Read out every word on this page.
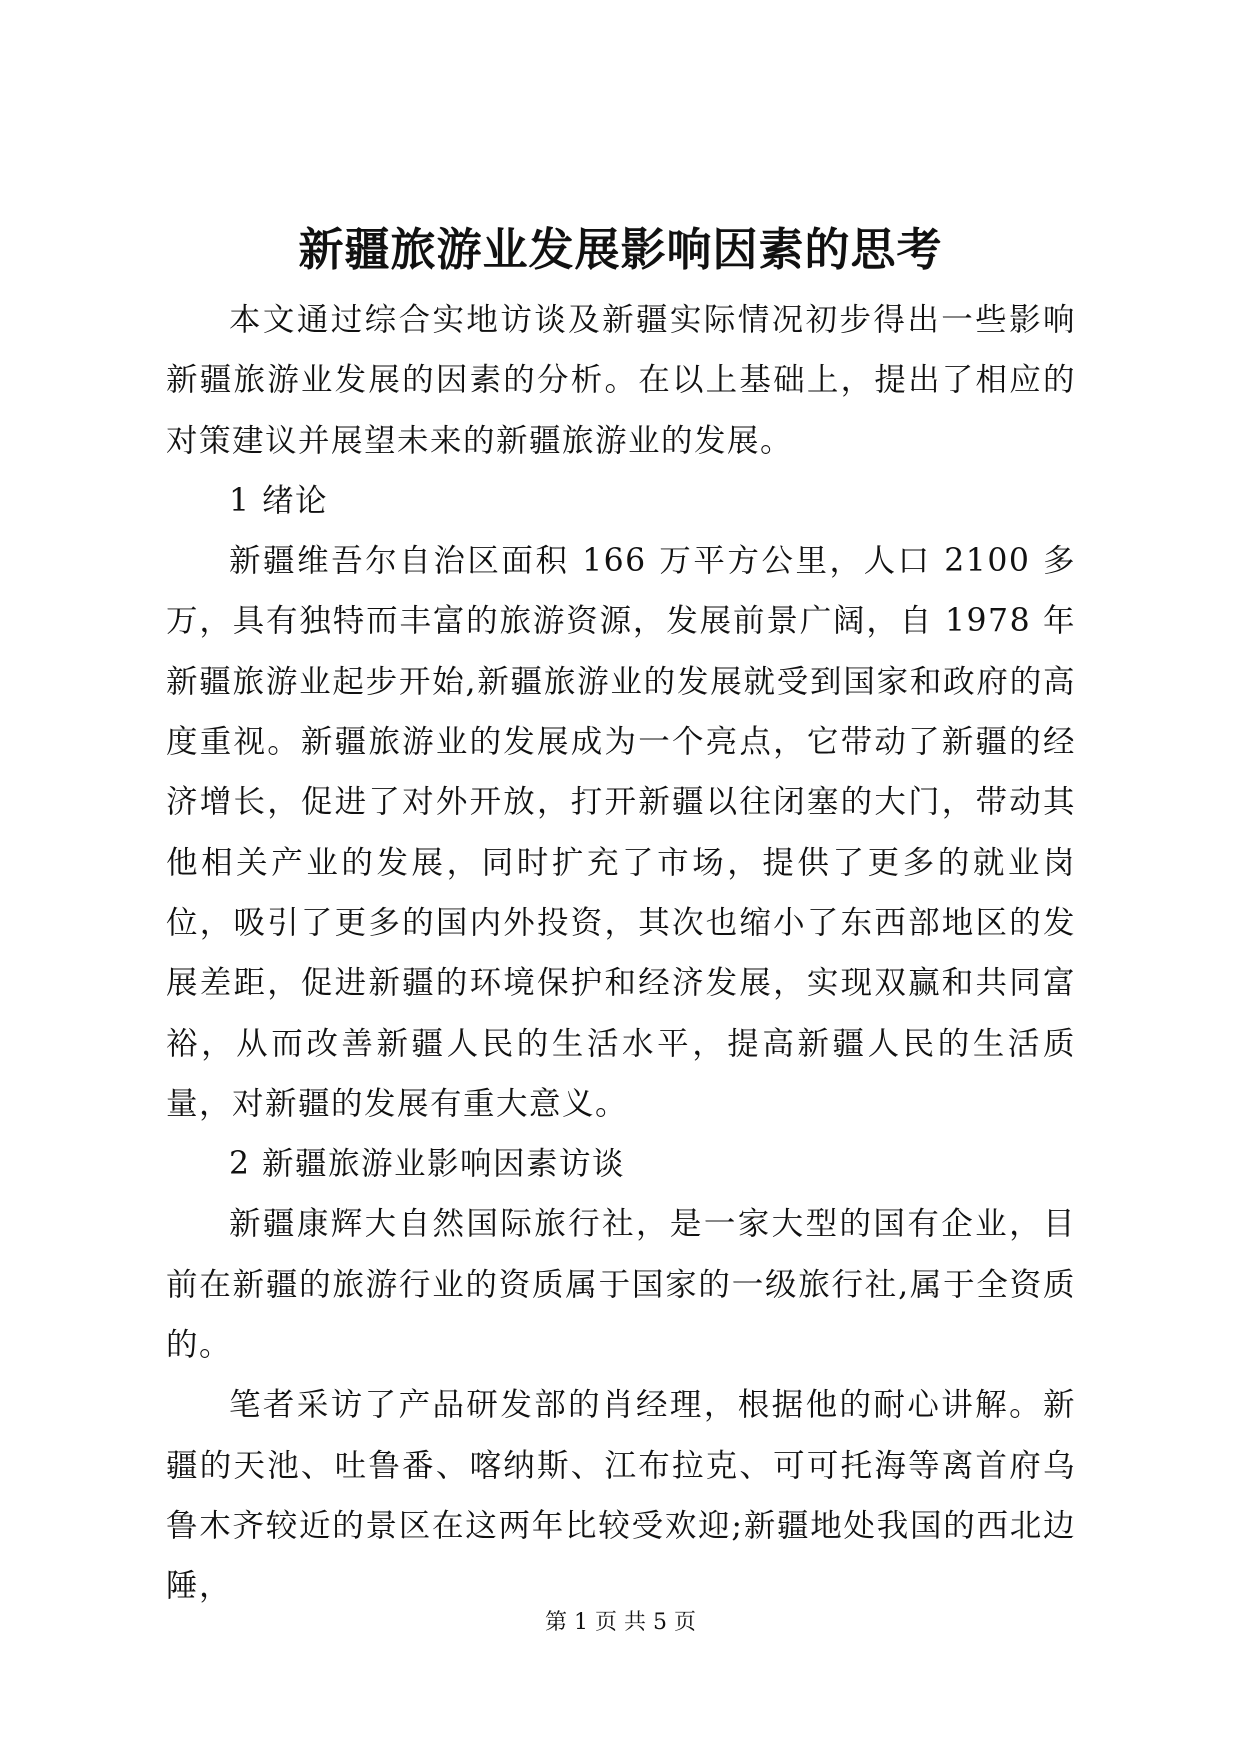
新疆旅游业发展影响因素的思考

本文通过综合实地访谈及新疆实际情况初步得出一些影响新疆旅游业发展的因素的分析。在以上基础上，提出了相应的对策建议并展望未来的新疆旅游业的发展。

1 绪论

新疆维吾尔自治区面积 166 万平方公里，人口 2100 多万，具有独特而丰富的旅游资源，发展前景广阔，自 1978 年新疆旅游业起步开始,新疆旅游业的发展就受到国家和政府的高度重视。新疆旅游业的发展成为一个亮点，它带动了新疆的经济增长，促进了对外开放，打开新疆以往闭塞的大门，带动其他相关产业的发展，同时扩充了市场，提供了更多的就业岗位，吸引了更多的国内外投资，其次也缩小了东西部地区的发展差距，促进新疆的环境保护和经济发展，实现双赢和共同富裕，从而改善新疆人民的生活水平，提高新疆人民的生活质量，对新疆的发展有重大意义。

2 新疆旅游业影响因素访谈

新疆康辉大自然国际旅行社，是一家大型的国有企业，目前在新疆的旅游行业的资质属于国家的一级旅行社,属于全资质的。

笔者采访了产品研发部的肖经理，根据他的耐心讲解。新疆的天池、吐鲁番、喀纳斯、江布拉克、可可托海等离首府乌鲁木齐较近的景区在这两年比较受欢迎;新疆地处我国的西北边陲，

第 1 页 共 5 页
